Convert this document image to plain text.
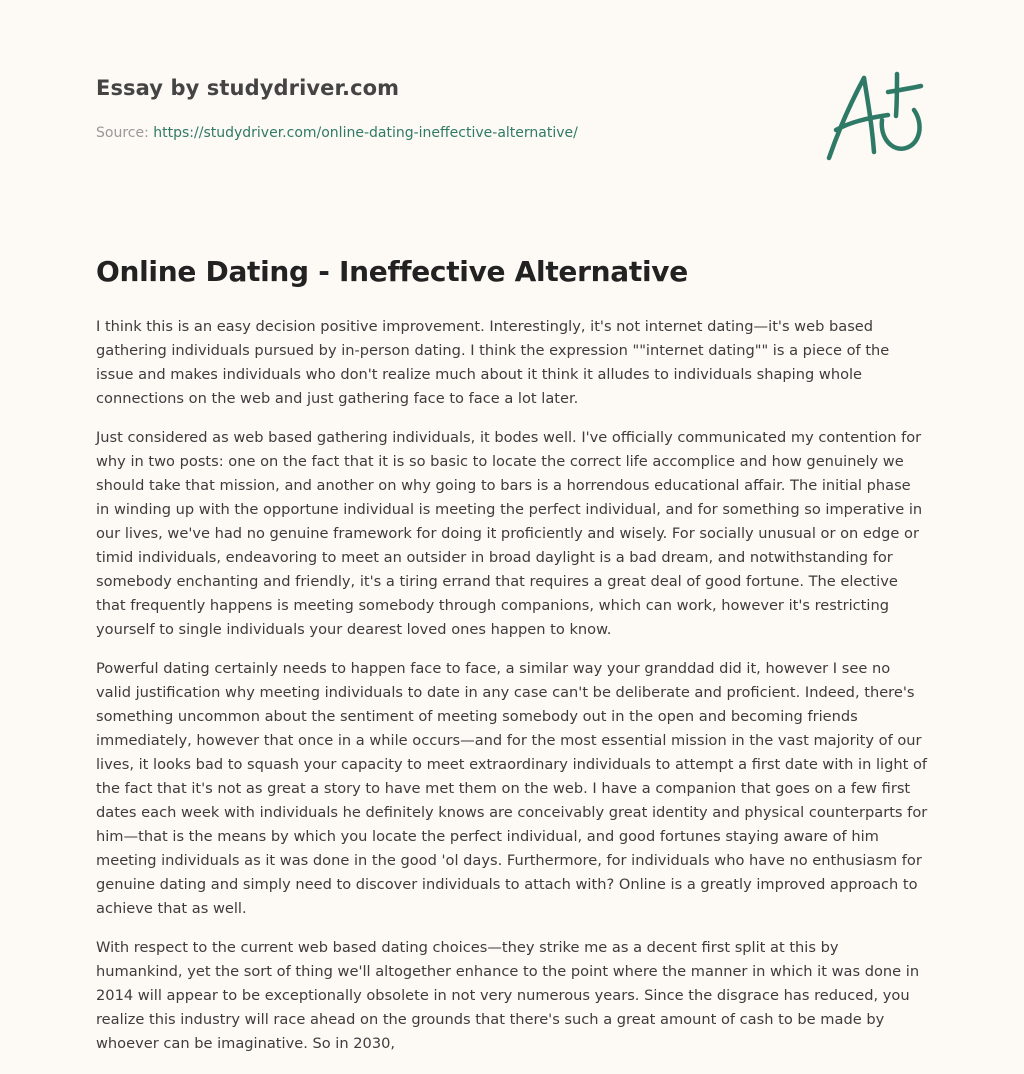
Essay by studydriver.com
Source: https://studydriver.com/online-dating-ineffective-alternative/
Online Dating - Ineffective Alternative

I think this is an easy decision positive improvement. Interestingly, it's not internet dating—it's web based gathering individuals pursued by in-person dating. I think the expression ""internet dating"" is a piece of the issue and makes individuals who don't realize much about it think it alludes to individuals shaping whole connections on the web and just gathering face to face a lot later.

Just considered as web based gathering individuals, it bodes well. I've officially communicated my contention for why in two posts: one on the fact that it is so basic to locate the correct life accomplice and how genuinely we should take that mission, and another on why going to bars is a horrendous educational affair. The initial phase in winding up with the opportune individual is meeting the perfect individual, and for something so imperative in our lives, we've had no genuine framework for doing it proficiently and wisely. For socially unusual or on edge or timid individuals, endeavoring to meet an outsider in broad daylight is a bad dream, and notwithstanding for somebody enchanting and friendly, it's a tiring errand that requires a great deal of good fortune. The elective that frequently happens is meeting somebody through companions, which can work, however it's restricting yourself to single individuals your dearest loved ones happen to know.

Powerful dating certainly needs to happen face to face, a similar way your granddad did it, however I see no valid justification why meeting individuals to date in any case can't be deliberate and proficient. Indeed, there's something uncommon about the sentiment of meeting somebody out in the open and becoming friends immediately, however that once in a while occurs—and for the most essential mission in the vast majority of our lives, it looks bad to squash your capacity to meet extraordinary individuals to attempt a first date with in light of the fact that it's not as great a story to have met them on the web. I have a companion that goes on a few first dates each week with individuals he definitely knows are conceivably great identity and physical counterparts for him—that is the means by which you locate the perfect individual, and good fortunes staying aware of him meeting individuals as it was done in the good 'ol days. Furthermore, for individuals who have no enthusiasm for genuine dating and simply need to discover individuals to attach with? Online is a greatly improved approach to achieve that as well.

With respect to the current web based dating choices—they strike me as a decent first split at this by humankind, yet the sort of thing we'll altogether enhance to the point where the manner in which it was done in 2014 will appear to be exceptionally obsolete in not very numerous years. Since the disgrace has reduced, you realize this industry will race ahead on the grounds that there's such a great amount of cash to be made by whoever can be imaginative. So in 2030,
